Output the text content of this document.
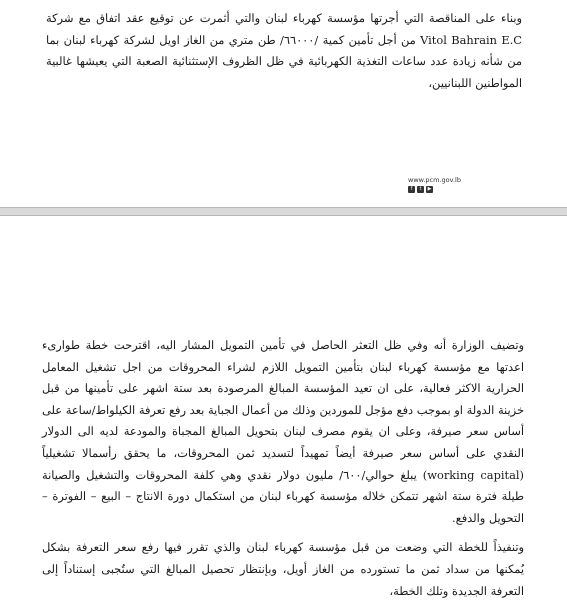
وبناء على المناقصة التي أجرتها مؤسسة كهرباء لبنان والتي أثمرت عن توقيع عقد اتفاق مع شركة Vitol Bahrain E.C من أجل تأمين كمية /٦٦٠٠٠/ طن متري من الغاز اويل لشركة كهرباء لبنان بما من شأنه زيادة عدد ساعات التغذية الكهربائية في ظل الظروف الإستثنائية الصعبة التي يعيشها غالبية المواطنين اللبنانيين،

www.pcm.gov.lb
f	t	▶

وتضيف الوزارة أنه وفي ظل التعثر الحاصل في تأمين التمويل المشار اليه، اقترحت خطة طوارىء اعدتها مع مؤسسة كهرباء لبنان بتأمين التمويل اللازم لشراء المحروقات من اجل تشغيل المعامل الحرارية الاكثر فعالية، على ان تعيد المؤسسة المبالغ المرصودة بعد ستة اشهر على تأمينها من قبل خزينة الدولة او بموجب دفع مؤجل للموردين وذلك من أعمال الجباية بعد رفع تعرفة الكيلواط/ساعة على أساس سعر صيرفة، وعلى ان يقوم مصرف لبنان بتحويل المبالغ المجباة والمودعة لديه الى الدولار النقدي على أساس سعر صيرفة أيضاً تمهيداً لتسديد ثمن المحروقات، ما يحقق رأسمالا تشغيلياً (working capital) يبلغ حوالي/٦٠٠/ مليون دولار نقدي وهي كلفة المحروقات والتشغيل والصيانة طيلة فترة ستة اشهر تتمكن خلاله مؤسسة كهرباء لبنان من استكمال دورة الانتاج – البيع – الفوترة – التحويل والدفع.

وتنفيذاً للخطة التي وضعت من قبل مؤسسة كهرباء لبنان والذي تقرر فيها رفع سعر التعرفة بشكل يُمكنها من سداد ثمن ما تستورده من الغاز أويل، وبإنتظار تحصيل المبالغ التي ستُجبى إستناداً إلى التعرفة الجديدة وتلك الخطة،
